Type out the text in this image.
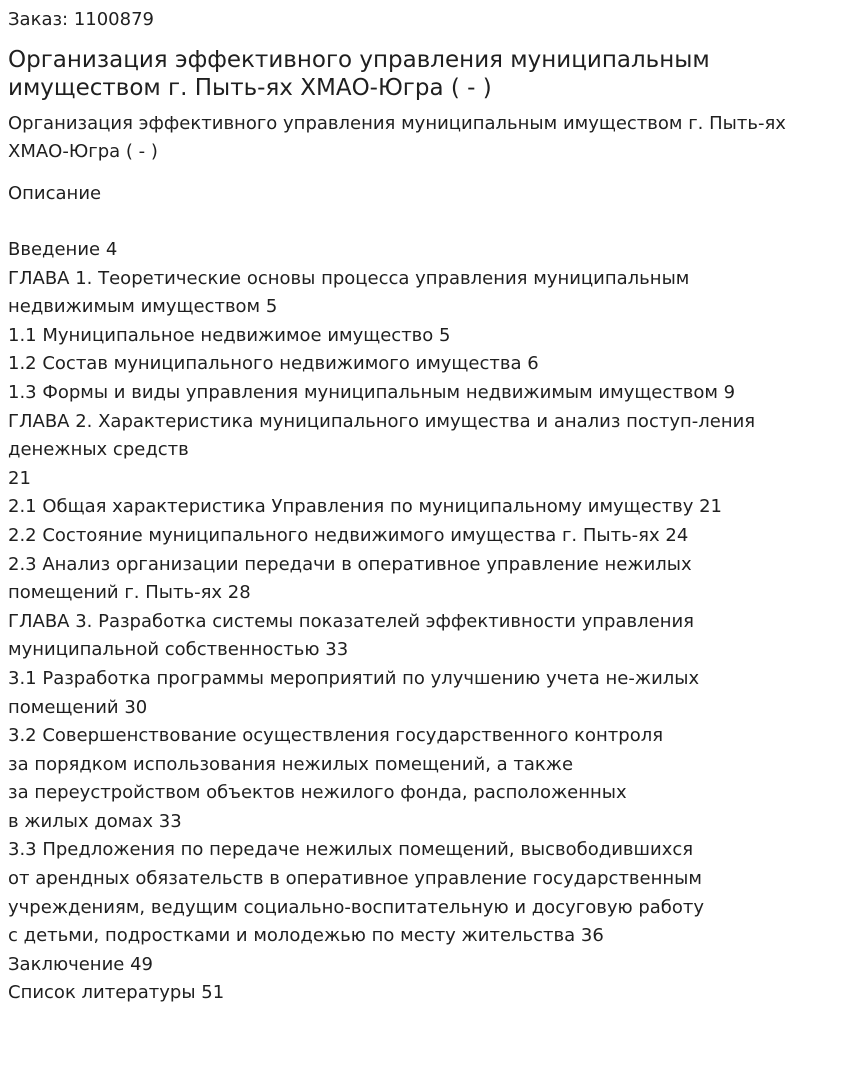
Заказ: 1100879
Организация эффективного управления муниципальным имуществом г. Пыть-ях ХМАО-Югра ( - )
Организация эффективного управления муниципальным имуществом г. Пыть-ях ХМАО-Югра ( - )
Описание
Введение 4
ГЛАВА 1. Теоретические основы процесса управления муниципальным
недвижимым имуществом 5
1.1 Муниципальное недвижимое имущество 5
1.2 Состав муниципального недвижимого имущества 6
1.3 Формы и виды управления муниципальным недвижимым имуществом 9
ГЛАВА 2. Характеристика муниципального имущества и анализ поступ-ления
денежных средств
21
2.1 Общая характеристика Управления по муниципальному имуществу 21
2.2 Состояние муниципального недвижимого имущества г. Пыть-ях 24
2.3 Анализ организации передачи в оперативное управление нежилых
помещений г. Пыть-ях 28
ГЛАВА 3. Разработка системы показателей эффективности управления
муниципальной собственностью 33
3.1 Разработка программы мероприятий по улучшению учета не-жилых
помещений 30
3.2 Совершенствование осуществления государственного контроля
за порядком использования нежилых помещений, а также
за переустройством объектов нежилого фонда, расположенных
в жилых домах 33
3.3 Предложения по передаче нежилых помещений, высвободившихся
от арендных обязательств в оперативное управление государственным
учреждениям, ведущим социально-воспитательную и досуговую работу
с детьми, подростками и молодежью по месту жительства 36
Заключение 49
Список литературы 51
